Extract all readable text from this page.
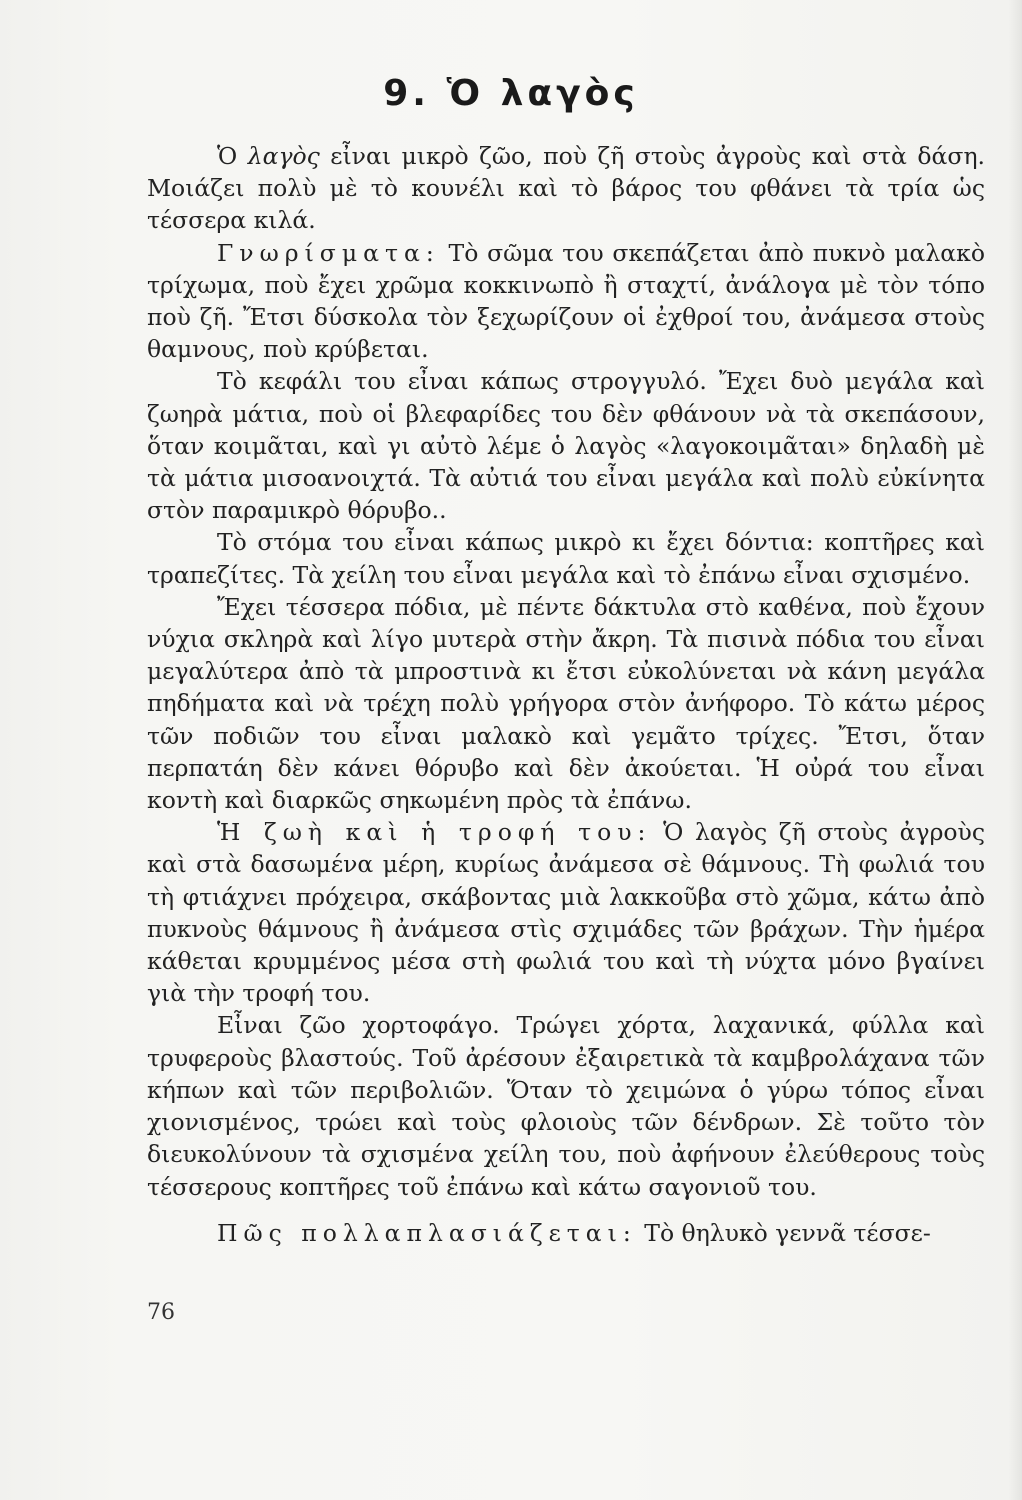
9. Ὁ λαγὸς

Ὁ λαγὸς εἶναι μικρὸ ζῶο, ποὺ ζῆ στοὺς ἀγροὺς καὶ στὰ δάση. Μοιάζει πολὺ μὲ τὸ κουνέλι καὶ τὸ βάρος του φθάνει τὰ τρία ὡς τέσσερα κιλά.

Γνωρίσματα: Τὸ σῶμα του σκεπάζεται ἀπὸ πυκνὸ μαλακὸ τρίχωμα, ποὺ ἔχει χρῶμα κοκκινωπὸ ἢ σταχτί, ἀνάλογα μὲ τὸν τόπο ποὺ ζῆ. Ἔτσι δύσκολα τὸν ξεχωρίζουν οἱ ἐχθροί του, ἀνάμεσα στοὺς θαμνους, ποὺ κρύβεται.

Τὸ κεφάλι του εἶναι κάπως στρογγυλό. Ἔχει δυὸ μεγάλα καὶ ζωηρὰ μάτια, ποὺ οἱ βλεφαρίδες του δὲν φθάνουν νὰ τὰ σκεπάσουν, ὅταν κοιμᾶται, καὶ γι αὐτὸ λέμε ὁ λαγὸς «λαγοκοιμᾶται» δηλαδὴ μὲ τὰ μάτια μισοανοιχτά. Τὰ αὐτιά του εἶναι μεγάλα καὶ πολὺ εὐκίνητα στὸν παραμικρὸ θόρυβο..

Τὸ στόμα του εἶναι κάπως μικρὸ κι ἔχει δόντια: κοπτῆρες καὶ τραπεζίτες. Τὰ χείλη του εἶναι μεγάλα καὶ τὸ ἐπάνω εἶναι σχισμένο.

Ἔχει τέσσερα πόδια, μὲ πέντε δάκτυλα στὸ καθένα, ποὺ ἔχουν νύχια σκληρὰ καὶ λίγο μυτερὰ στὴν ἄκρη. Τὰ πισινὰ πόδια του εἶναι μεγαλύτερα ἀπὸ τὰ μπροστινὰ κι ἔτσι εὐκολύνεται νὰ κάνη μεγάλα πηδήματα καὶ νὰ τρέχη πολὺ γρήγορα στὸν ἀνήφορο. Τὸ κάτω μέρος τῶν ποδιῶν του εἶναι μαλακὸ καὶ γεμᾶτο τρίχες. Ἔτσι, ὅταν περπατάη δὲν κάνει θόρυβο καὶ δὲν ἀκούεται. Ἡ οὐρά του εἶναι κοντὴ καὶ διαρκῶς σηκωμένη πρὸς τὰ ἐπάνω.

Ἡ ζωὴ καὶ ἡ τροφή του: Ὁ λαγὸς ζῆ στοὺς ἀγροὺς καὶ στὰ δασωμένα μέρη, κυρίως ἀνάμεσα σὲ θάμνους. Τὴ φωλιά του τὴ φτιάχνει πρόχειρα, σκάβοντας μιὰ λακκοῦβα στὸ χῶμα, κάτω ἀπὸ πυκνοὺς θάμνους ἢ ἀνάμεσα στὶς σχιμάδες τῶν βράχων. Τὴν ἡμέρα κάθεται κρυμμένος μέσα στὴ φωλιά του καὶ τὴ νύχτα μόνο βγαίνει γιὰ τὴν τροφή του.

Εἶναι ζῶο χορτοφάγο. Τρώγει χόρτα, λαχανικά, φύλλα καὶ τρυφεροὺς βλαστούς. Τοῦ ἀρέσουν ἐξαιρετικὰ τὰ καμβρολάχανα τῶν κήπων καὶ τῶν περιβολιῶν. Ὅταν τὸ χειμώνα ὁ γύρω τόπος εἶναι χιονισμένος, τρώει καὶ τοὺς φλοιοὺς τῶν δένδρων. Σὲ τοῦτο τὸν διευκολύνουν τὰ σχισμένα χείλη του, ποὺ ἀφήνουν ἐλεύθερους τοὺς τέσσερους κοπτῆρες τοῦ ἐπάνω καὶ κάτω σαγονιοῦ του.

Πῶς πολλαπλασιάζεται: Τὸ θηλυκὸ γεννᾶ τέσσε-

76
